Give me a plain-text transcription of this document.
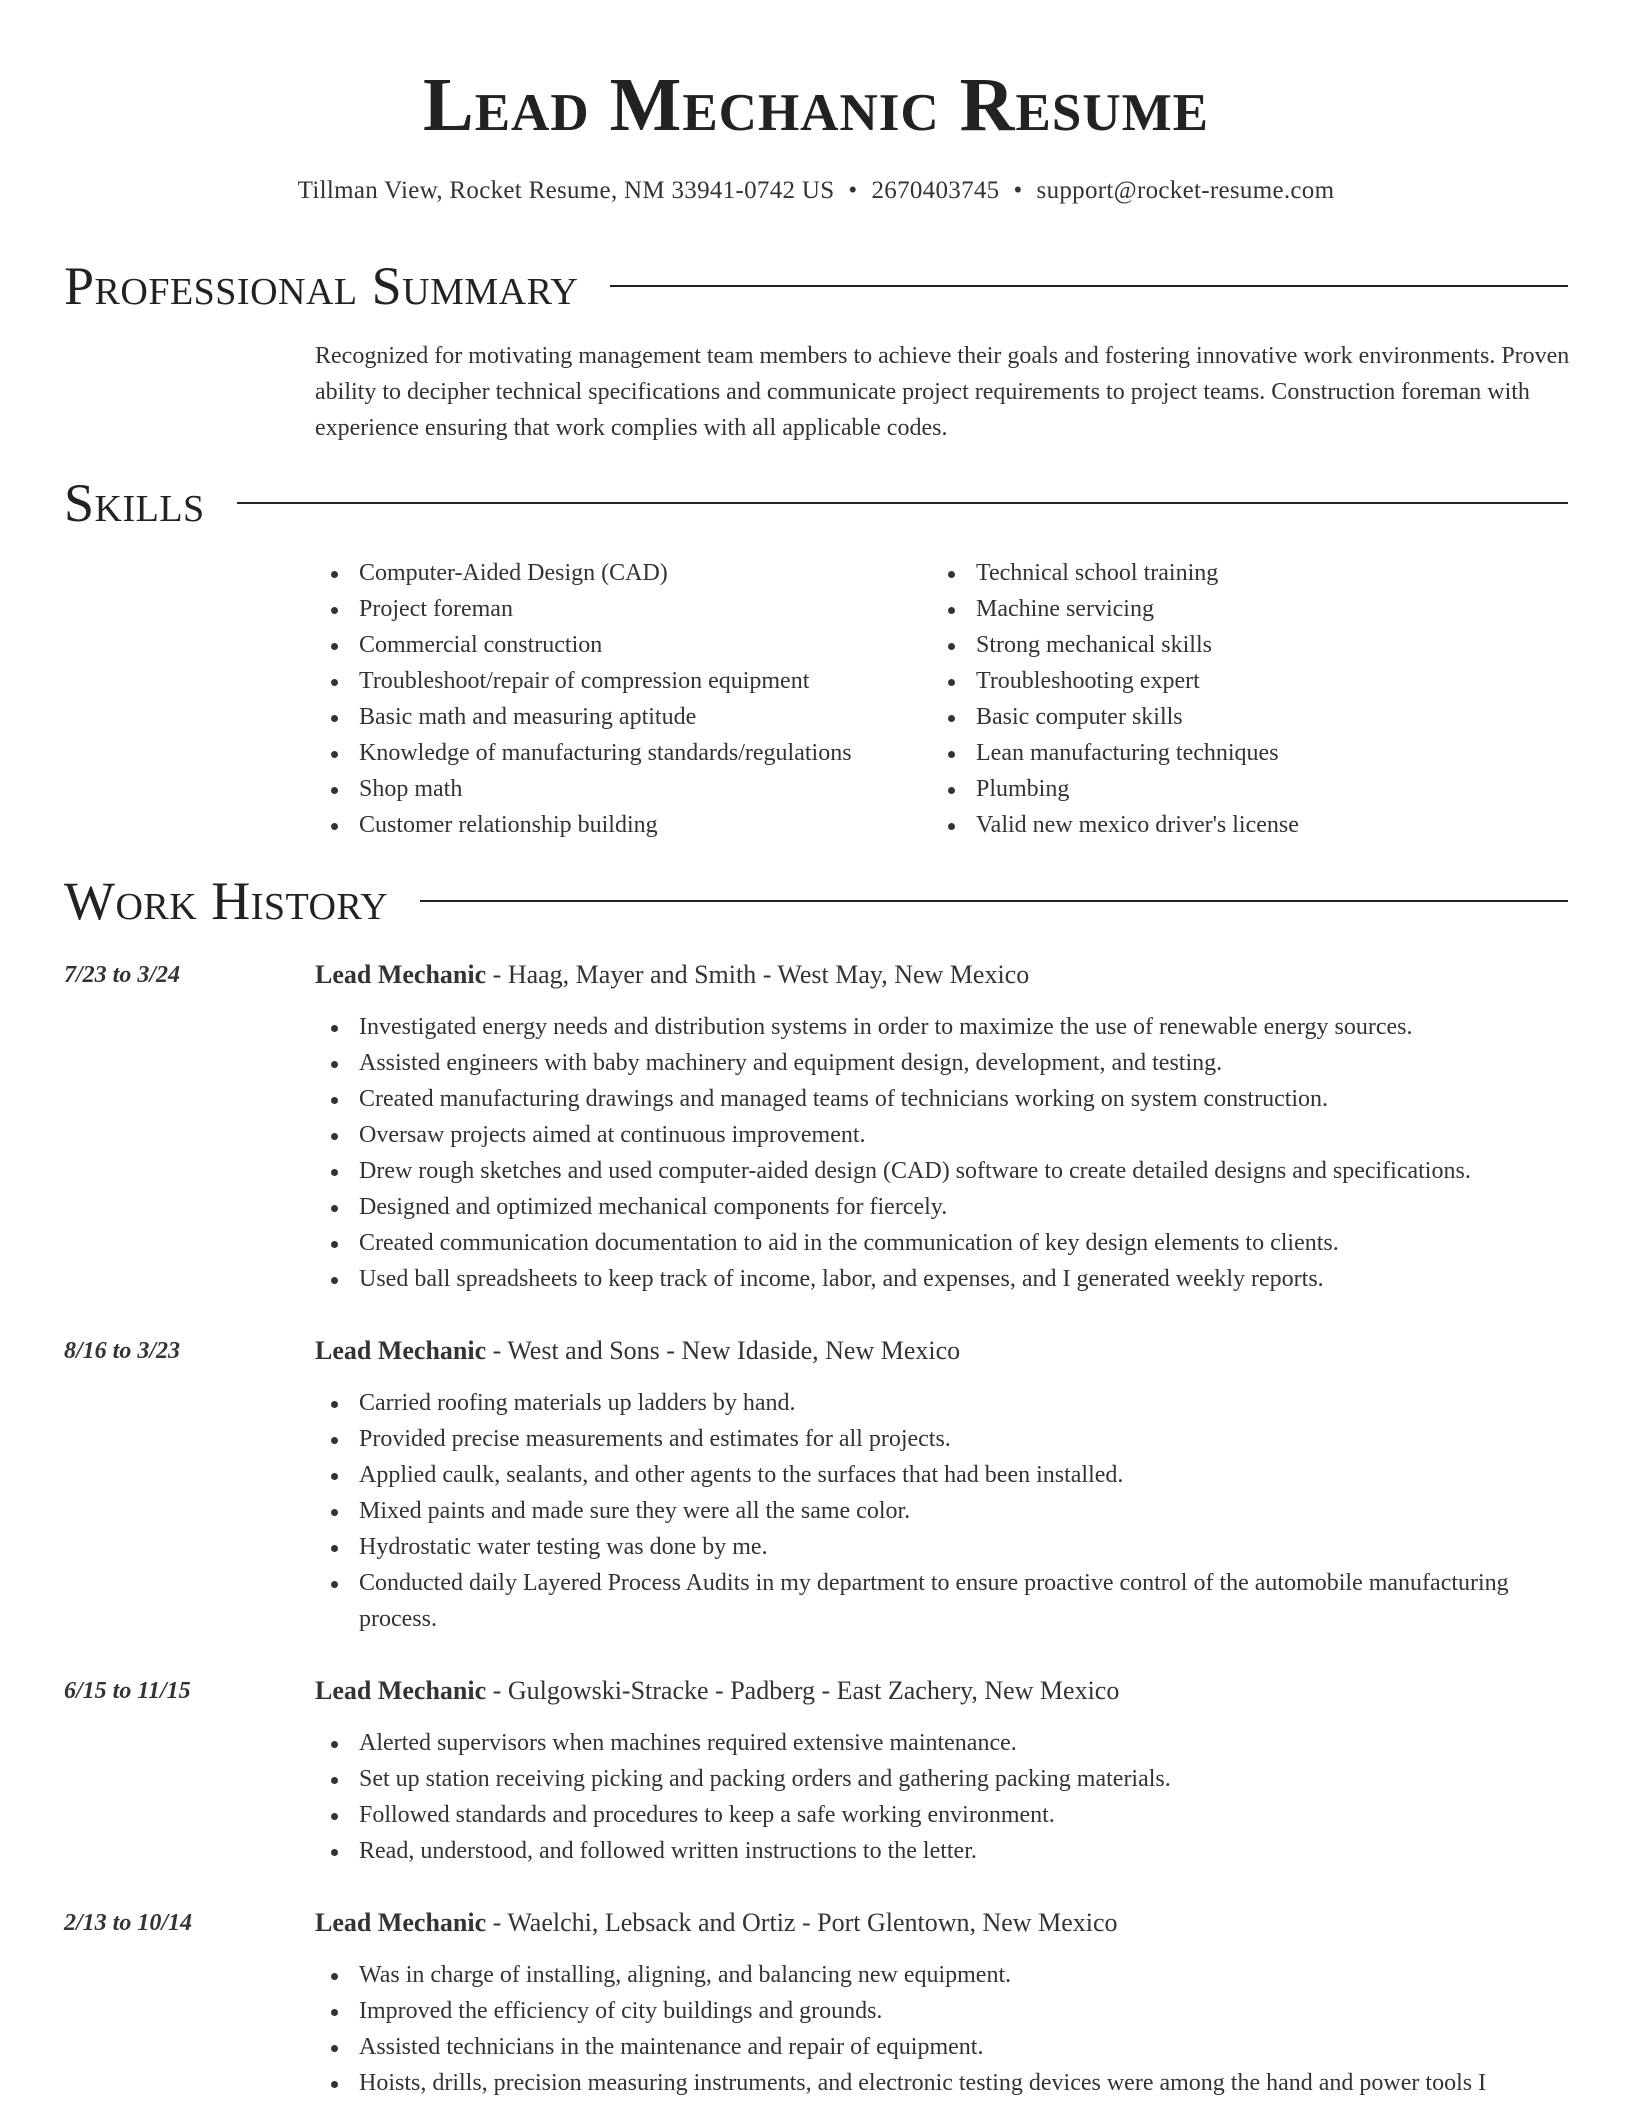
Lead Mechanic Resume
Tillman View, Rocket Resume, NM 33941-0742 US • 2670403745 • support@rocket-resume.com
Professional Summary

Recognized for motivating management team members to achieve their goals and fostering innovative work environments. Proven ability to decipher technical specifications and communicate project requirements to project teams. Construction foreman with experience ensuring that work complies with all applicable codes.

Skills
Computer-Aided Design (CAD)
Project foreman
Commercial construction
Troubleshoot/repair of compression equipment
Basic math and measuring aptitude
Knowledge of manufacturing standards/regulations
Shop math
Customer relationship building
Technical school training
Machine servicing
Strong mechanical skills
Troubleshooting expert
Basic computer skills
Lean manufacturing techniques
Plumbing
Valid new mexico driver's license
Work History
7/23 to 3/24	Lead Mechanic - Haag, Mayer and Smith - West May, New Mexico
Investigated energy needs and distribution systems in order to maximize the use of renewable energy sources.
Assisted engineers with baby machinery and equipment design, development, and testing.
Created manufacturing drawings and managed teams of technicians working on system construction.
Oversaw projects aimed at continuous improvement.
Drew rough sketches and used computer-aided design (CAD) software to create detailed designs and specifications.
Designed and optimized mechanical components for fiercely.
Created communication documentation to aid in the communication of key design elements to clients.
Used ball spreadsheets to keep track of income, labor, and expenses, and I generated weekly reports.
8/16 to 3/23	Lead Mechanic - West and Sons - New Idaside, New Mexico
Carried roofing materials up ladders by hand.
Provided precise measurements and estimates for all projects.
Applied caulk, sealants, and other agents to the surfaces that had been installed.
Mixed paints and made sure they were all the same color.
Hydrostatic water testing was done by me.
Conducted daily Layered Process Audits in my department to ensure proactive control of the automobile manufacturing process.
6/15 to 11/15	Lead Mechanic - Gulgowski-Stracke - Padberg - East Zachery, New Mexico
Alerted supervisors when machines required extensive maintenance.
Set up station receiving picking and packing orders and gathering packing materials.
Followed standards and procedures to keep a safe working environment.
Read, understood, and followed written instructions to the letter.
2/13 to 10/14	Lead Mechanic - Waelchi, Lebsack and Ortiz - Port Glentown, New Mexico
Was in charge of installing, aligning, and balancing new equipment.
Improved the efficiency of city buildings and grounds.
Assisted technicians in the maintenance and repair of equipment.
Hoists, drills, precision measuring instruments, and electronic testing devices were among the hand and power tools I
